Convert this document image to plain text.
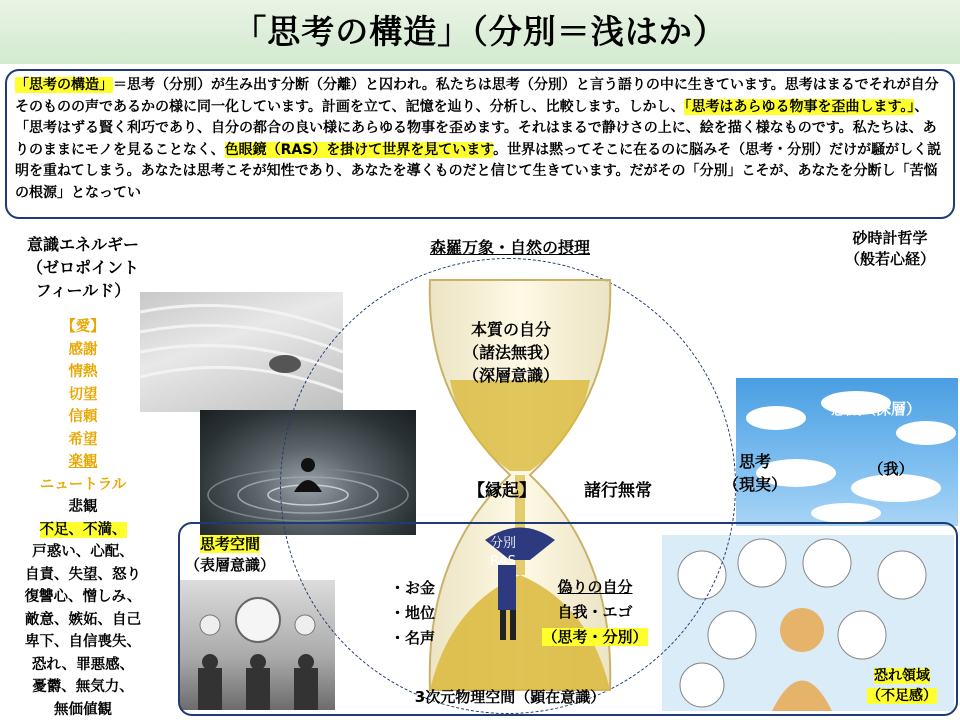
「思考の構造」（分別＝浅はか）
「思考の構造」＝思考（分別）が生み出す分断（分離）と囚われ。私たちは思考（分別）と言う語りの中に生きています。思考はまるでそれが自分そのものの声であるかの様に同一化しています。計画を立て、記憶を辿り、分析し、比較します。しかし、「思考はあらゆる物事を歪曲します。」、「思考はずる賢く利巧であり、自分の都合の良い様にあらゆる物事を歪めます。それはまるで静けさの上に、絵を描く様なものです。私たちは、ありのままにモノを見ることなく、色眼鏡（RAS）を掛けて世界を見ています。世界は黙ってそこに在るのに脳みそ（思考・分別）だけが騒がしく説明を重ねてしまう。あなたは思考こそが知性であり、あなたを導くものだと信じて生きています。だがその「分別」こそが、あなたを分断し「苦悩の根源」となってい
意識エネルギー
（ゼロポイント
フィールド）
森羅万象・自然の摂理	砂時計哲学
（般若心経）
【愛】
感謝
情熱
切望
信頼
希望
楽観
ニュートラル
悲観
不足、不満、
戸惑い、心配、
自責、失望、怒り
復讐心、憎しみ、
敵意、嫉妬、自己
卑下、自信喪失、
恐れ、罪悪感、
憂欝、無気力、
無価値観
本質の自分
（諸法無我）
（深層意識）
【縁起】	諸行無常
分別
RAS
思考
（現実）
意識（深層）
（我）
思考空間
（表層意識）
・お金
・地位
・名声
偽りの自分
自我・エゴ
（思考・分別）
3次元物理空間（顕在意識）
恐れ領域
（不足感）
